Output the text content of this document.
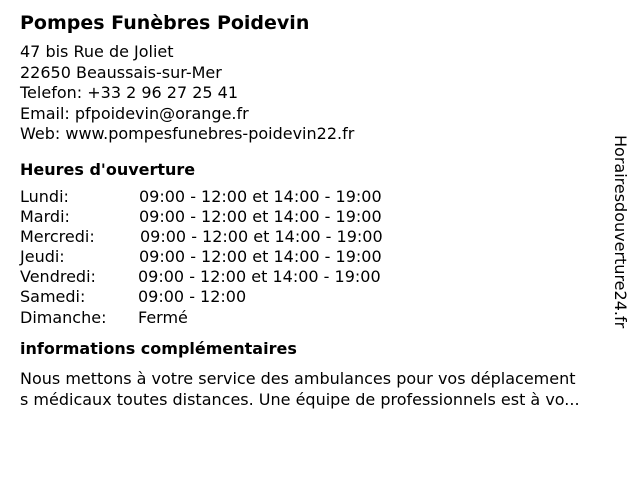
Pompes Funèbres Poidevin
47 bis Rue de Joliet
22650 Beaussais-sur-Mer
Telefon: +33 2 96 27 25 41
Email: pfpoidevin@orange.fr
Web: www.pompesfunebres-poidevin22.fr
Heures d'ouverture
Lundi:	09:00 - 12:00 et 14:00 - 19:00
Mardi:	09:00 - 12:00 et 14:00 - 19:00
Mercredi:	09:00 - 12:00 et 14:00 - 19:00
Jeudi:	09:00 - 12:00 et 14:00 - 19:00
Vendredi:	09:00 - 12:00 et 14:00 - 19:00
Samedi:	09:00 - 12:00
Dimanche: Fermé
informations complémentaires
Nous mettons à votre service des ambulances pour vos déplacement
s médicaux toutes distances. Une équipe de professionnels est à vo...
Horairesdouverture24.fr
